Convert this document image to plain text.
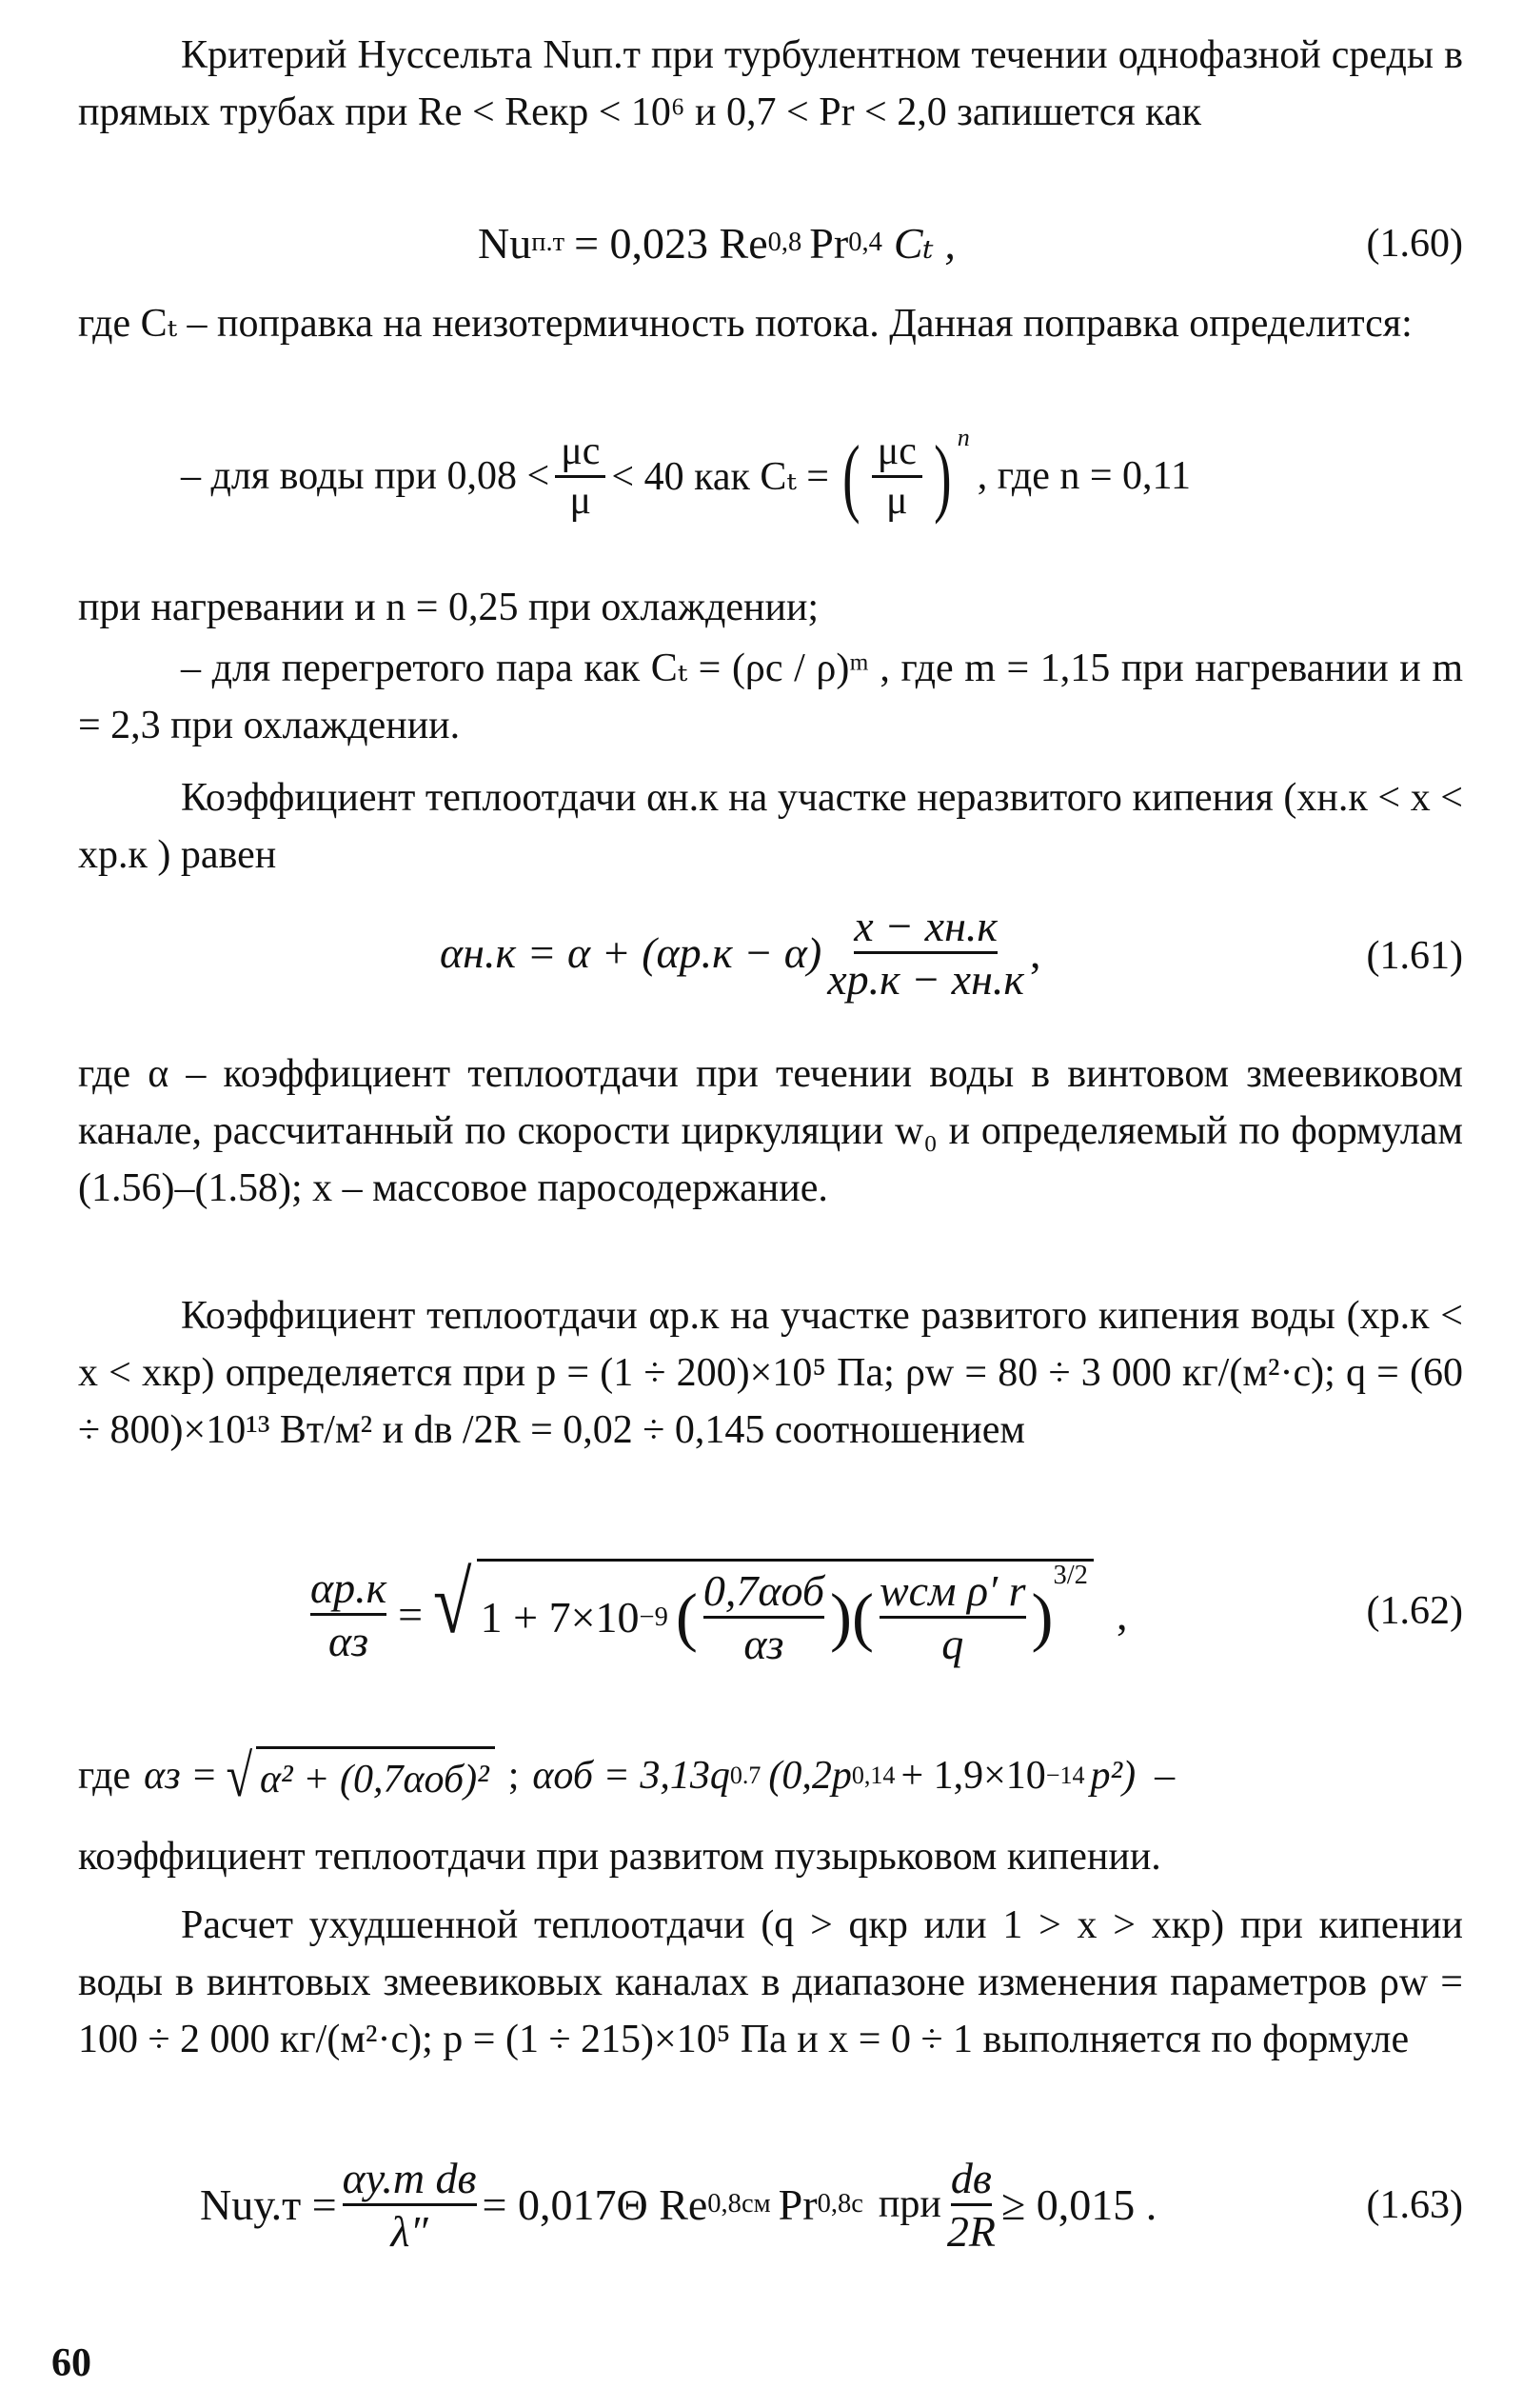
Критерий Нуссельта Nuп.т при турбулентном течении однофазной среды в прямых трубах при Re < Reкр < 10⁶ и 0,7 < Pr < 2,0 запишется как
Nu п.т = 0,023 Re 0,8 Pr 0,4 Cₜ ,	(1.60)
где Cₜ – поправка на неизотермичность потока. Данная поправка определится:
– для воды при $0,08 < \frac{\mu с}{\mu} < 40$ как Cₜ = ( $\frac{\mu с}{\mu} )^n$
, где n = 0,11
при нагревании и n = 0,25 при охлаждении;
– для перегретого пара как Cₜ = (ρс / ρ)ᵐ , где m = 1,15 при нагревании и m = 2,3 при охлаждении.
Коэффициент теплоотдачи αн.к на участке неразвитого кипения (xн.к < x < xр.к ) равен
$\alpha н.к = \alpha + (\alpha р.к - \alpha) \frac{x - xн.к}{xр.к - xн.к}$ ,	(1.61)
где α – коэффициент теплоотдачи при течении воды в винтовом змеевиковом канале, рассчитанный по скорости циркуляции w₀ и определяемый по формулам (1.56)–(1.58); x – массовое паросодержание.
Коэффициент теплоотдачи αр.к на участке развитого кипения воды (xр.к < x < xкр) определяется при p = (1 ÷ 200)×10⁵ Па; ρw = 80 ÷ 3 000 кг/(м²·с); q = (60 ÷ 800)×10¹³ Вт/м² и dв /2R = 0,02 ÷ 0,145 соотношением
$\frac{\alpha р.к}{\alpha з}$ = √ 1 + 7×10 −9 ( $\frac{\text{0,7αоб}}{\alpha з}$ ) ( $\frac{\text{wсм ρ′ r}}{q}$ )
$^{3/2}$
,	(1.62)
где αз = √ α² + (0,7αоб)² ; αоб = 3,13q 0.7 (0,2p 0,14 + 1,9×10 −14 p²) –
коэффициент теплоотдачи при развитом пузырьковом кипении.
Расчет ухудшенной теплоотдачи (q > qкр или 1 > x > xкр) при кипении воды в винтовых змеевиковых каналах в диапазоне изменения параметров ρw = 100 ÷ 2 000 кг/(м²·с); p = (1 ÷ 215)×10⁵ Па и x = 0 ÷ 1 выполняется по формуле
$Nuу.т = \frac{\text{αу.т dв}}{\lambda''} = 0,017\Theta$ Re 0,8 см Pr 0,8 с при $\frac{dв}{2R} \ge 0,015$ .	(1.63)
60
